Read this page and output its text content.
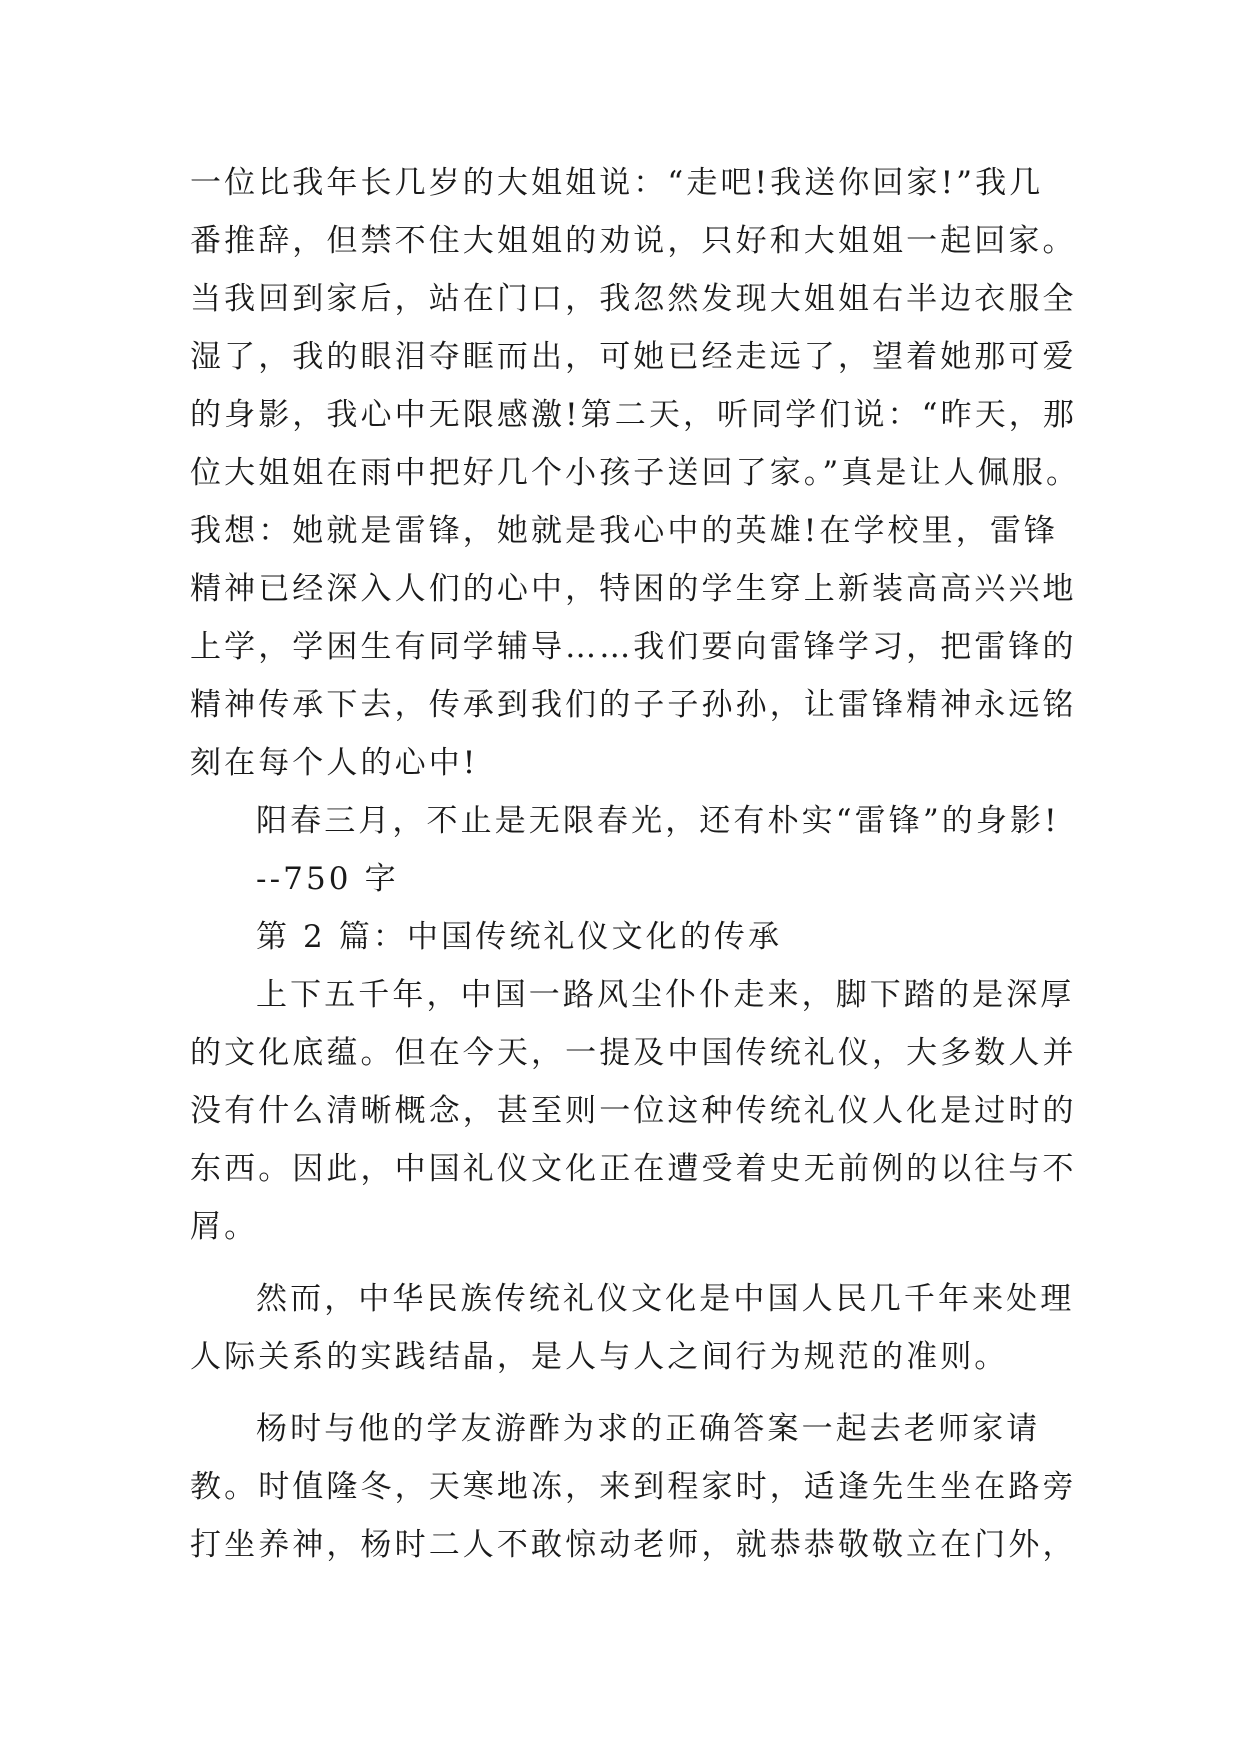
一位比我年长几岁的大姐姐说：“走吧!我送你回家!”我几
番推辞，但禁不住大姐姐的劝说，只好和大姐姐一起回家。
当我回到家后，站在门口，我忽然发现大姐姐右半边衣服全
湿了，我的眼泪夺眶而出，可她已经走远了，望着她那可爱
的身影，我心中无限感激!第二天，听同学们说：“昨天，那
位大姐姐在雨中把好几个小孩子送回了家。”真是让人佩服。
我想：她就是雷锋，她就是我心中的英雄!在学校里，雷锋
精神已经深入人们的心中，特困的学生穿上新装高高兴兴地
上学，学困生有同学辅导……我们要向雷锋学习，把雷锋的
精神传承下去，传承到我们的子子孙孙，让雷锋精神永远铭
刻在每个人的心中!
阳春三月，不止是无限春光，还有朴实“雷锋”的身影!
--750 字
第 2 篇：中国传统礼仪文化的传承
上下五千年，中国一路风尘仆仆走来，脚下踏的是深厚
的文化底蕴。但在今天，一提及中国传统礼仪，大多数人并
没有什么清晰概念，甚至则一位这种传统礼仪人化是过时的
东西。因此，中国礼仪文化正在遭受着史无前例的以往与不
屑。
然而，中华民族传统礼仪文化是中国人民几千年来处理
人际关系的实践结晶，是人与人之间行为规范的准则。
杨时与他的学友游酢为求的正确答案一起去老师家请
教。时值隆冬，天寒地冻，来到程家时，适逢先生坐在路旁
打坐养神，杨时二人不敢惊动老师，就恭恭敬敬立在门外，
